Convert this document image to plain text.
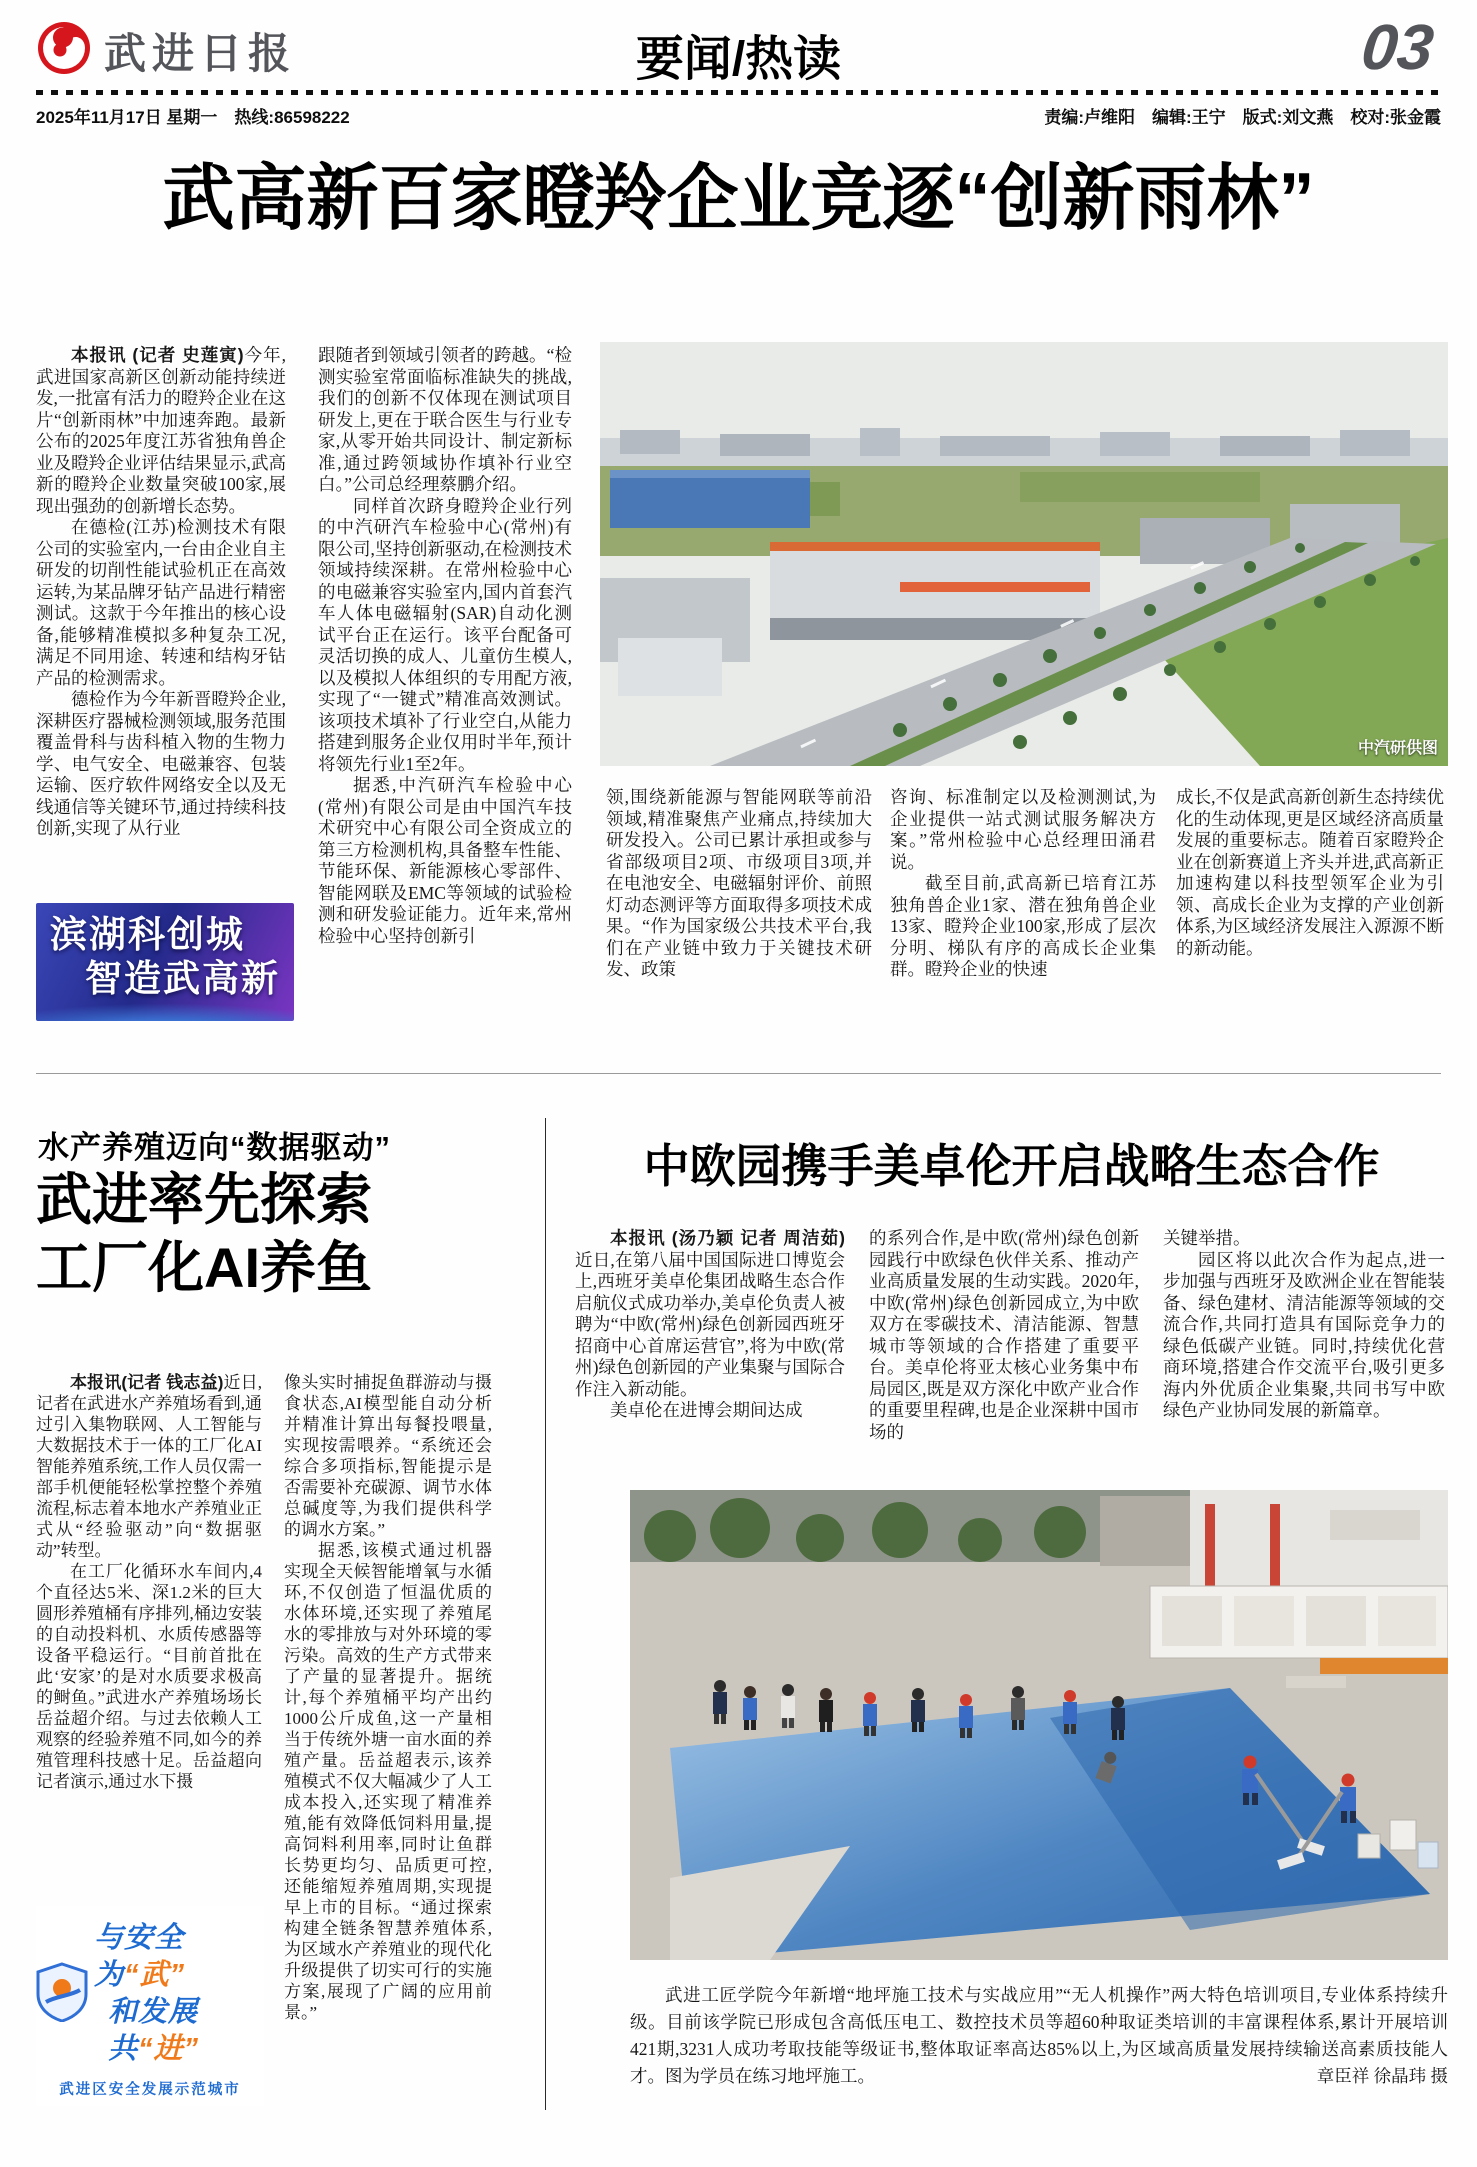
武进日报	要闻/热读	03
2025年11月17日 星期一　 热线:86598222	责编:卢维阳　编辑:王宁　版式:刘文燕　校对:张金霞
武高新百家瞪羚企业竞逐“创新雨林”

本报讯 (记者 史莲寅)今年,武进国家高新区创新动能持续迸发,一批富有活力的瞪羚企业在这片“创新雨林”中加速奔跑。最新公布的2025年度江苏省独角兽企业及瞪羚企业评估结果显示,武高新的瞪羚企业数量突破100家,展现出强劲的创新增长态势。

在德检(江苏)检测技术有限公司的实验室内,一台由企业自主研发的切削性能试验机正在高效运转,为某品牌牙钻产品进行精密测试。这款于今年推出的核心设备,能够精准模拟多种复杂工况,满足不同用途、转速和结构牙钻产品的检测需求。

德检作为今年新晋瞪羚企业,深耕医疗器械检测领域,服务范围覆盖骨科与齿科植入物的生物力学、电气安全、电磁兼容、包装运输、医疗软件网络安全以及无线通信等关键环节,通过持续科技创新,实现了从行业

跟随者到领域引领者的跨越。“检测实验室常面临标准缺失的挑战,我们的创新不仅体现在测试项目研发上,更在于联合医生与行业专家,从零开始共同设计、制定新标准,通过跨领域协作填补行业空白。”公司总经理蔡鹏介绍。

同样首次跻身瞪羚企业行列的中汽研汽车检验中心(常州)有限公司,坚持创新驱动,在检测技术领域持续深耕。在常州检验中心的电磁兼容实验室内,国内首套汽车人体电磁辐射(SAR)自动化测试平台正在运行。该平台配备可灵活切换的成人、儿童仿生模人,以及模拟人体组织的专用配方液,实现了“一键式”精准高效测试。该项技术填补了行业空白,从能力搭建到服务企业仅用时半年,预计将领先行业1至2年。

据悉,中汽研汽车检验中心(常州)有限公司是由中国汽车技术研究中心有限公司全资成立的第三方检测机构,具备整车性能、节能环保、新能源核心零部件、智能网联及EMC等领域的试验检测和研发验证能力。近年来,常州检验中心坚持创新引

中汽研供图

领,围绕新能源与智能网联等前沿领域,精准聚焦产业痛点,持续加大研发投入。公司已累计承担或参与省部级项目2项、市级项目3项,并在电池安全、电磁辐射评价、前照灯动态测评等方面取得多项技术成果。“作为国家级公共技术平台,我们在产业链中致力于关键技术研发、政策

咨询、标准制定以及检测测试,为企业提供一站式测试服务解决方案。”常州检验中心总经理田涌君说。

截至目前,武高新已培育江苏独角兽企业1家、潜在独角兽企业13家、瞪羚企业100家,形成了层次分明、梯队有序的高成长企业集群。瞪羚企业的快速

成长,不仅是武高新创新生态持续优化的生动体现,更是区域经济高质量发展的重要标志。随着百家瞪羚企业在创新赛道上齐头并进,武高新正加速构建以科技型领军企业为引领、高成长企业为支撑的产业创新体系,为区域经济发展注入源源不断的新动能。

滨湖科创城
智造武高新
水产养殖迈向“数据驱动”
武进率先探索
工厂化AI养鱼

本报讯(记者 钱志益)近日,记者在武进水产养殖场看到,通过引入集物联网、人工智能与大数据技术于一体的工厂化AI智能养殖系统,工作人员仅需一部手机便能轻松掌控整个养殖流程,标志着本地水产养殖业正式从“经验驱动”向“数据驱动”转型。

在工厂化循环水车间内,4个直径达5米、深1.2米的巨大圆形养殖桶有序排列,桶边安装的自动投料机、水质传感器等设备平稳运行。“目前首批在此‘安家’的是对水质要求极高的鲥鱼。”武进水产养殖场场长岳益超介绍。与过去依赖人工观察的经验养殖不同,如今的养殖管理科技感十足。岳益超向记者演示,通过水下摄

像头实时捕捉鱼群游动与摄食状态,AI模型能自动分析并精准计算出每餐投喂量,实现按需喂养。“系统还会综合多项指标,智能提示是否需要补充碳源、调节水体总碱度等,为我们提供科学的调水方案。”

据悉,该模式通过机器实现全天候智能增氧与水循环,不仅创造了恒温优质的水体环境,还实现了养殖尾水的零排放与对外环境的零污染。高效的生产方式带来了产量的显著提升。据统计,每个养殖桶平均产出约1000公斤成鱼,这一产量相当于传统外塘一亩水面的养殖产量。岳益超表示,该养殖模式不仅大幅减少了人工成本投入,还实现了精准养殖,能有效降低饲料用量,提高饲料利用率,同时让鱼群长势更均匀、品质更可控,还能缩短养殖周期,实现提早上市的目标。“通过探索构建全链条智慧养殖体系,为区域水产养殖业的现代化升级提供了切实可行的实施方案,展现了广阔的应用前景。”

与安全为“武”
和发展共“进”
武进区安全发展示范城市
中欧园携手美卓伦开启战略生态合作

本报讯 (汤乃颖 记者 周洁茹)近日,在第八届中国国际进口博览会上,西班牙美卓伦集团战略生态合作启航仪式成功举办,美卓伦负责人被聘为“中欧(常州)绿色创新园西班牙招商中心首席运营官”,将为中欧(常州)绿色创新园的产业集聚与国际合作注入新动能。

美卓伦在进博会期间达成

的系列合作,是中欧(常州)绿色创新园践行中欧绿色伙伴关系、推动产业高质量发展的生动实践。2020年,中欧(常州)绿色创新园成立,为中欧双方在零碳技术、清洁能源、智慧城市等领域的合作搭建了重要平台。美卓伦将亚太核心业务集中布局园区,既是双方深化中欧产业合作的重要里程碑,也是企业深耕中国市场的

关键举措。

园区将以此次合作为起点,进一步加强与西班牙及欧洲企业在智能装备、绿色建材、清洁能源等领域的交流合作,共同打造具有国际竞争力的绿色低碳产业链。同时,持续优化营商环境,搭建合作交流平台,吸引更多海内外优质企业集聚,共同书写中欧绿色产业协同发展的新篇章。

武进工匠学院今年新增“地坪施工技术与实战应用”“无人机操作”两大特色培训项目,专业体系持续升级。目前该学院已形成包含高低压电工、数控技术员等超60种取证类培训的丰富课程体系,累计开展培训421期,3231人成功考取技能等级证书,整体取证率高达85%以上,为区域高质量发展持续输送高素质技能人才。图为学员在练习地坪施工。	章臣祥 徐晶玮 摄
